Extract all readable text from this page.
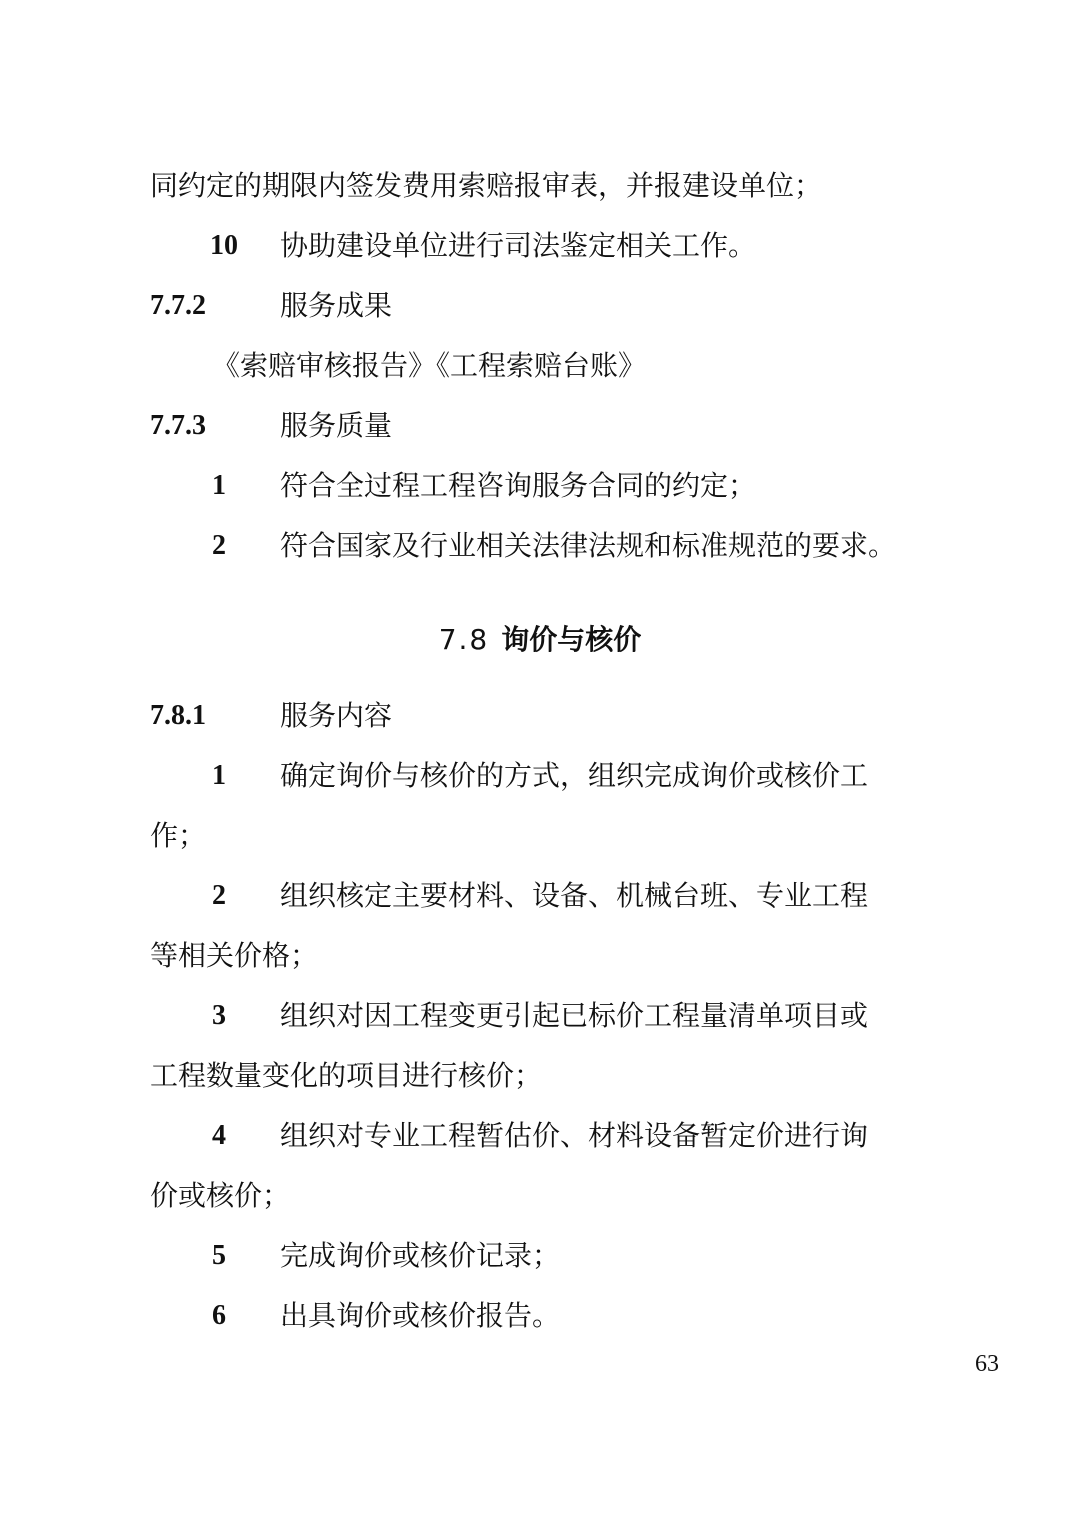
同约定的期限内签发费用索赔报审表，并报建设单位；
10 协助建设单位进行司法鉴定相关工作。
7.7.2	服务成果
《索赔审核报告》《工程索赔台账》
7.7.3	服务质量
1 符合全过程工程咨询服务合同的约定；
2 符合国家及行业相关法律法规和标准规范的要求。
7.8 询价与核价
7.8.1	服务内容
1 确定询价与核价的方式，组织完成询价或核价工
作；
2 组织核定主要材料、设备、机械台班、专业工程
等相关价格；
3 组织对因工程变更引起已标价工程量清单项目或
工程数量变化的项目进行核价；
4 组织对专业工程暂估价、材料设备暂定价进行询
价或核价；
5 完成询价或核价记录；
6 出具询价或核价报告。
63
